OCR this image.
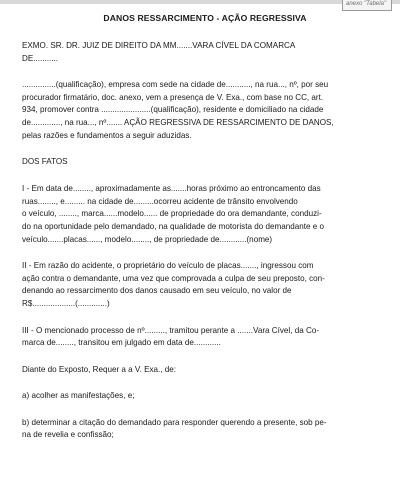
anexo "Tabela"
DANOS RESSARCIMENTO - AÇÃO REGRESSIVA
EXMO. SR. DR. JUIZ DE DIREITO DA MM.......VARA CÍVEL DA COMARCA
DE...........
...............(qualificação), empresa com sede na cidade de..........., na rua..., nº, por seu
procurador firmatário, doc. anexo, vem a presença de V. Exa., com base no CC, art.
934, promover contra ......................(qualificação), residente e domiciliado na cidade
de............., na rua..., nº....... AÇÃO REGRESSIVA DE RESSARCIMENTO DE DANOS,
pelas razões e fundamentos a seguir aduzidas.
DOS FATOS
I - Em data de........, aproximadamente as.......horas próximo ao entroncamento das
ruas........, e......... na cidade de.........ocorreu acidente de trânsito envolvendo
o veículo, ........, marca......modelo...... de propriedade do ora demandante, conduzi-
do na oportunidade pelo demandado, na qualidade de motorista do demandante e o
veículo.......placas......, modelo........, de propriedade de............(nome)
II - Em razão do acidente, o proprietário do veículo de placas......., ingressou com
ação contra o demandante, uma vez que comprovada a culpa de seu preposto, con-
denando ao ressarcimento dos danos causado em seu veículo, no valor de
R$...................(.............)
III - O mencionado processo de nº........., tramitou perante a .......Vara Cível, da Co-
marca de........, transitou em julgado em data de............
Diante do Exposto, Requer a a V. Exa., de:
a) acolher as manifestações, e;
b) determinar a citação do demandado para responder querendo a presente, sob pe-
na de revelia e confissão;
